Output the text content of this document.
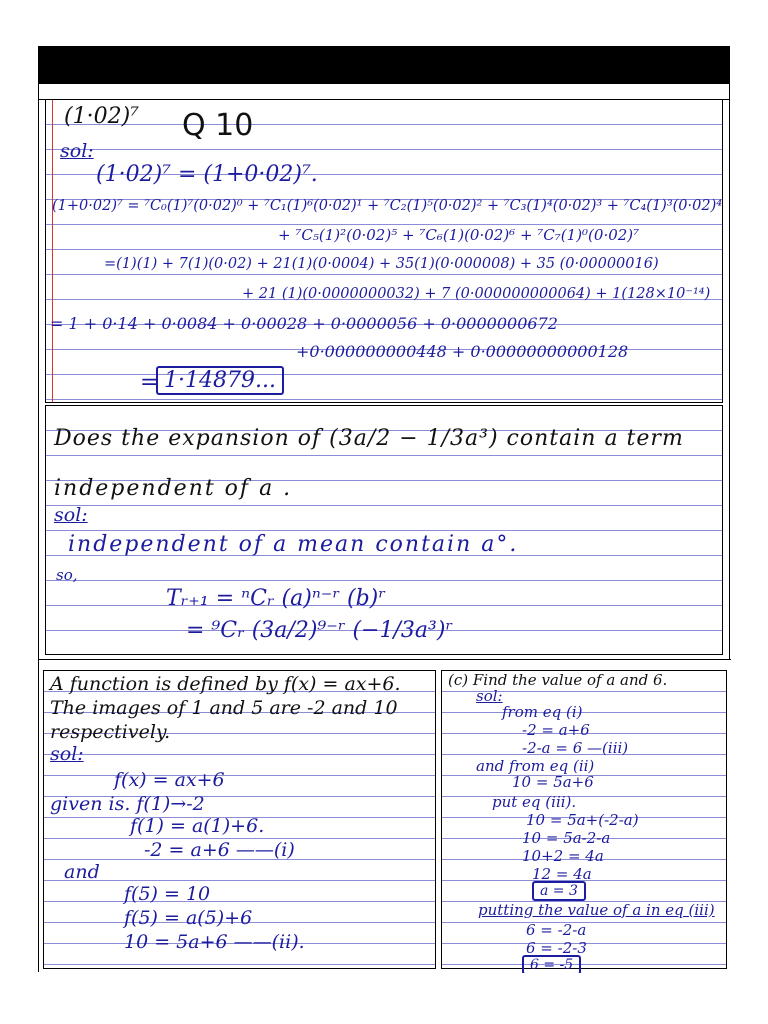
(1·02)⁷ Q 10
sol:
(1·02)⁷ = (1+0·02)⁷.
(1+0·02)⁷ = ⁷C₀(1)⁷(0·02)⁰ + ⁷C₁(1)⁶(0·02)¹ + ⁷C₂(1)⁵(0·02)² + ⁷C₃(1)⁴(0·02)³ + ⁷C₄(1)³(0·02)⁴
+ ⁷C₅(1)²(0·02)⁵ + ⁷C₆(1)(0·02)⁶ + ⁷C₇(1)⁰(0·02)⁷
=(1)(1) + 7(1)(0·02) + 21(1)(0·0004) + 35(1)(0·000008) + 35 (0·00000016)
+ 21 (1)(0·0000000032) + 7 (0·000000000064) + 1(128×10⁻¹⁴)
= 1 + 0·14 + 0·0084 + 0·00028 + 0·0000056 + 0·0000000672
+0·000000000448 + 0·00000000000128
= 1·14879...
Does the expansion of (3a/2 − 1/3a³) contain a term
independent of a .
sol:
independent of a mean contain a°.
so,
Tᵣ₊₁ = ⁿCᵣ (a)ⁿ⁻ʳ (b)ʳ
= ⁹Cᵣ (3a/2)⁹⁻ʳ (−1/3a³)ʳ
A function is defined by f(x) = ax+6.
The images of 1 and 5 are -2 and 10
respectively.
sol:
f(x) = ax+6
given is. f(1)→-2
f(1) = a(1)+6.
-2 = a+6 ——(i)
and
f(5) = 10
f(5) = a(5)+6
10 = 5a+6 ——(ii).
(c) Find the value of a and 6.
sol:
from eq (i)
-2 = a+6
-2-a = 6 —(iii)
and from eq (ii)
10 = 5a+6
put eq (iii).
10 = 5a+(-2-a)
10 = 5a-2-a
10+2 = 4a
12 = 4a
a = 3
putting the value of a in eq (iii)
6 = -2-a
6 = -2-3
6 = -5
